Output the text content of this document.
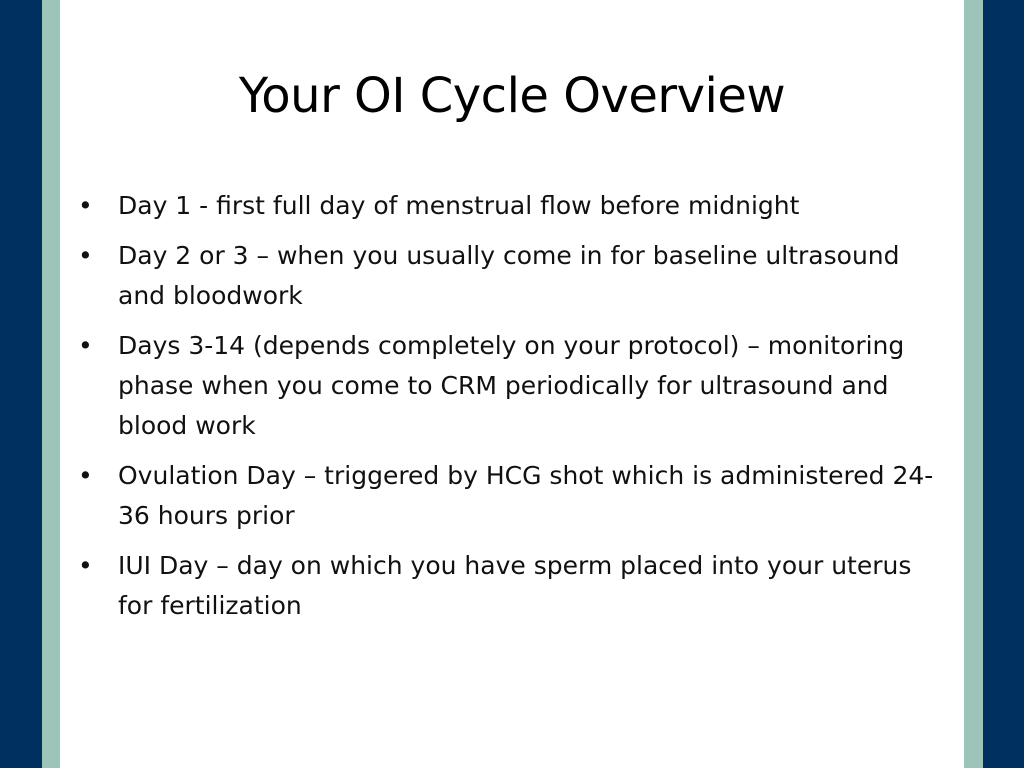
Your OI Cycle Overview
• Day 1 - first full day of menstrual flow before midnight
• Day 2 or 3 – when you usually come in for baseline ultrasound and bloodwork
• Days 3-14 (depends completely on your protocol) – monitoring phase when you come to CRM periodically for ultrasound and blood work
• Ovulation Day – triggered by HCG shot which is administered 24-36 hours prior
• IUI Day – day on which you have sperm placed into your uterus for fertilization
